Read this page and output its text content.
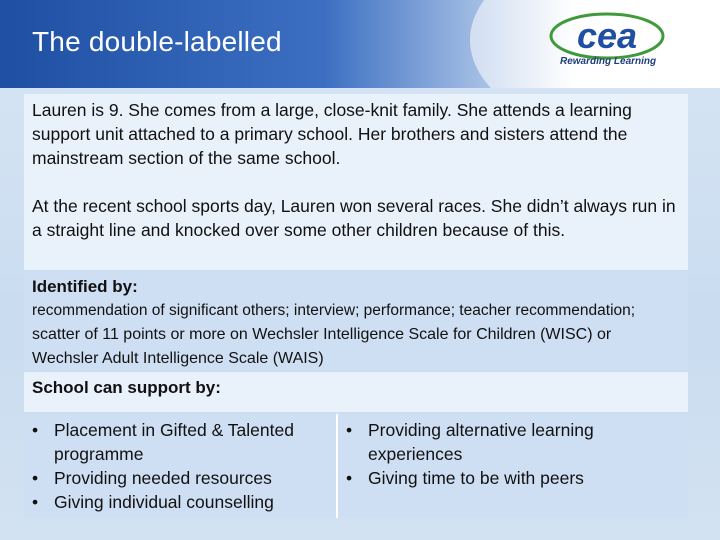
The double-labelled	cea
Rewarding Learning

Lauren is 9. She comes from a large, close-knit family. She attends a learning support unit attached to a primary school. Her brothers and sisters attend the mainstream section of the same school.

At the recent school sports day, Lauren won several races. She didn’t always run in a straight line and knocked over some other children because of this.

Identified by:
recommendation of significant others; interview; performance; teacher recommendation; scatter of 11 points or more on Wechsler Intelligence Scale for Children (WISC) or Wechsler Adult Intelligence Scale (WAIS)
School can support by:
• Placement in Gifted & Talented programme
• Providing needed resources
• Giving individual counselling
• Providing alternative learning experiences
• Giving time to be with peers
